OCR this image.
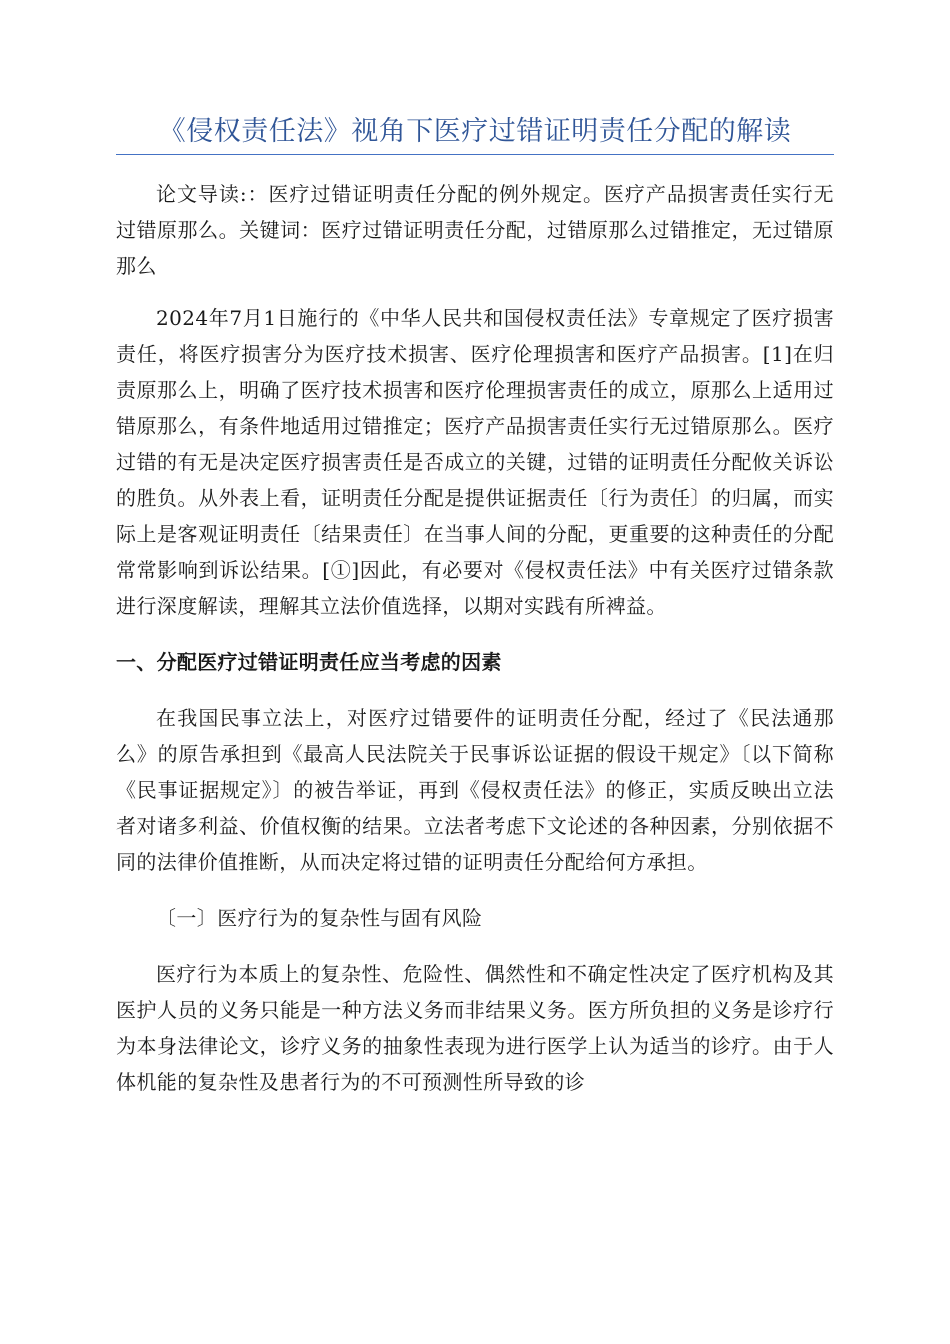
《侵权责任法》视角下医疗过错证明责任分配的解读

论文导读:：医疗过错证明责任分配的例外规定。医疗产品损害责任实行无过错原那么。关键词：医疗过错证明责任分配，过错原那么过错推定，无过错原那么

2024年7月1日施行的《中华人民共和国侵权责任法》专章规定了医疗损害责任，将医疗损害分为医疗技术损害、医疗伦理损害和医疗产品损害。[1]在归责原那么上，明确了医疗技术损害和医疗伦理损害责任的成立，原那么上适用过错原那么，有条件地适用过错推定；医疗产品损害责任实行无过错原那么。医疗过错的有无是决定医疗损害责任是否成立的关键，过错的证明责任分配攸关诉讼的胜负。从外表上看，证明责任分配是提供证据责任〔行为责任〕的归属，而实际上是客观证明责任〔结果责任〕在当事人间的分配，更重要的这种责任的分配常常影响到诉讼结果。[①]因此，有必要对《侵权责任法》中有关医疗过错条款进行深度解读，理解其立法价值选择，以期对实践有所裨益。

一、分配医疗过错证明责任应当考虑的因素

在我国民事立法上，对医疗过错要件的证明责任分配，经过了《民法通那么》的原告承担到《最高人民法院关于民事诉讼证据的假设干规定》〔以下简称《民事证据规定》〕的被告举证，再到《侵权责任法》的修正，实质反映出立法者对诸多利益、价值权衡的结果。立法者考虑下文论述的各种因素，分别依据不同的法律价值推断，从而决定将过错的证明责任分配给何方承担。

〔一〕医疗行为的复杂性与固有风险

医疗行为本质上的复杂性、危险性、偶然性和不确定性决定了医疗机构及其医护人员的义务只能是一种方法义务而非结果义务。医方所负担的义务是诊疗行为本身法律论文，诊疗义务的抽象性表现为进行医学上认为适当的诊疗。由于人体机能的复杂性及患者行为的不可预测性所导致的诊
